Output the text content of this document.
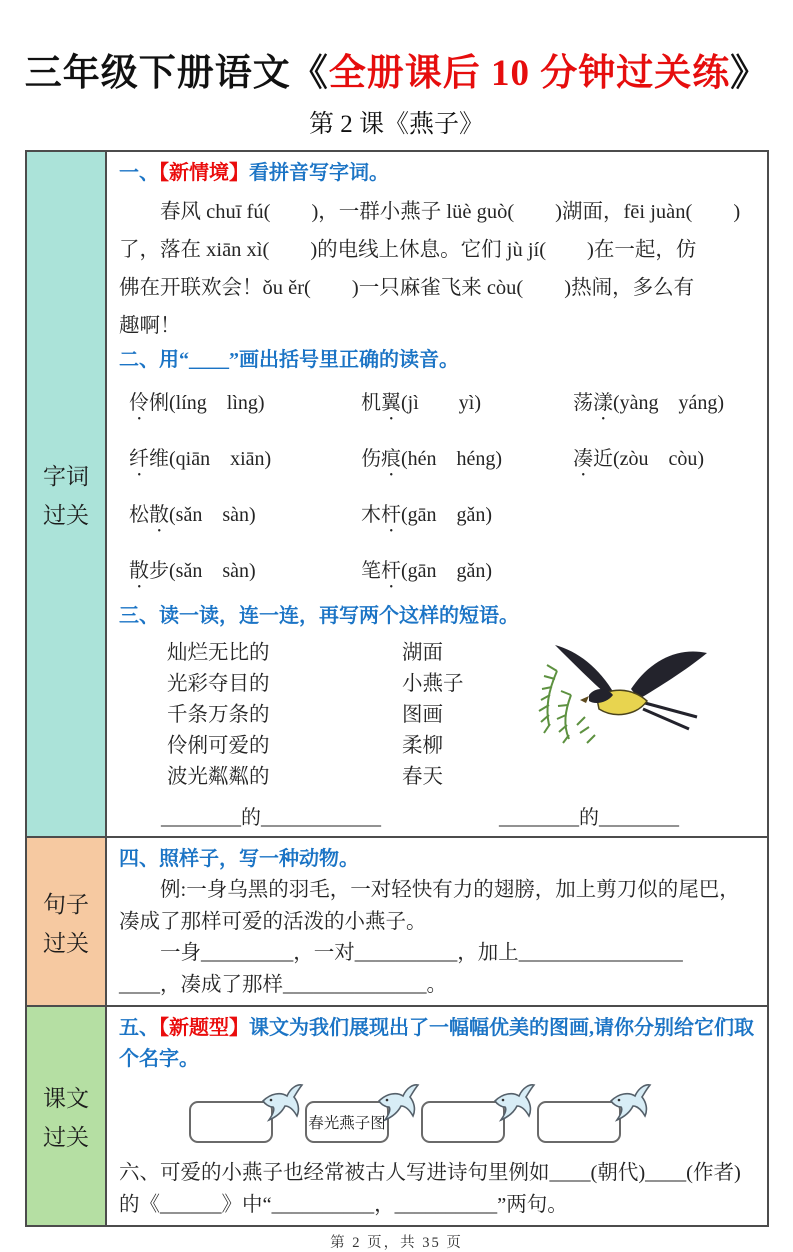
三年级下册语文《全册课后 10 分钟过关练》
第 2 课《燕子》
字词
过关
一、【新情境】看拼音写字词。
春风 chuī fú(　　)，一群小燕子 lüè guò(　　)湖面，fēi juàn(　　)
了，落在 xiān xì(　　)的电线上休息。它们 jù jí(　　)在一起，仿
佛在开联欢会！ǒu ěr(　　)一只麻雀飞来 còu(　　)热闹，多么有
趣啊！
二、用“____”画出括号里正确的读音。
伶俐(líng　lìng)	机翼(jì　　yì)	荡漾(yàng　yáng)
纤维(qiān　xiān)	伤痕(hén　héng)	凑近(zòu　còu)
松散(sǎn　sàn)	木杆(gān　gǎn)
散步(sǎn　sàn)	笔杆(gān　gǎn)
三、读一读，连一连，再写两个这样的短语。
灿烂无比的	湖面
光彩夺目的	小燕子
千条万条的	图画
伶俐可爱的	柔柳
波光粼粼的	春天
________的____________	________的________
句子
过关
四、照样子，写一种动物。

例:一身乌黑的羽毛，一对轻快有力的翅膀，加上剪刀似的尾巴，

凑成了那样可爱的活泼的小燕子。

一身_________，一对__________，加上________________

____，凑成了那样______________。

课文
过关
五、【新题型】课文为我们展现出了一幅幅优美的图画,请你分别给它们取个名字。
春光燕子图
六、可爱的小燕子也经常被古人写进诗句里例如____(朝代)____(作者)
的《______》中“__________，__________”两句。
第 2 页，共 35 页
